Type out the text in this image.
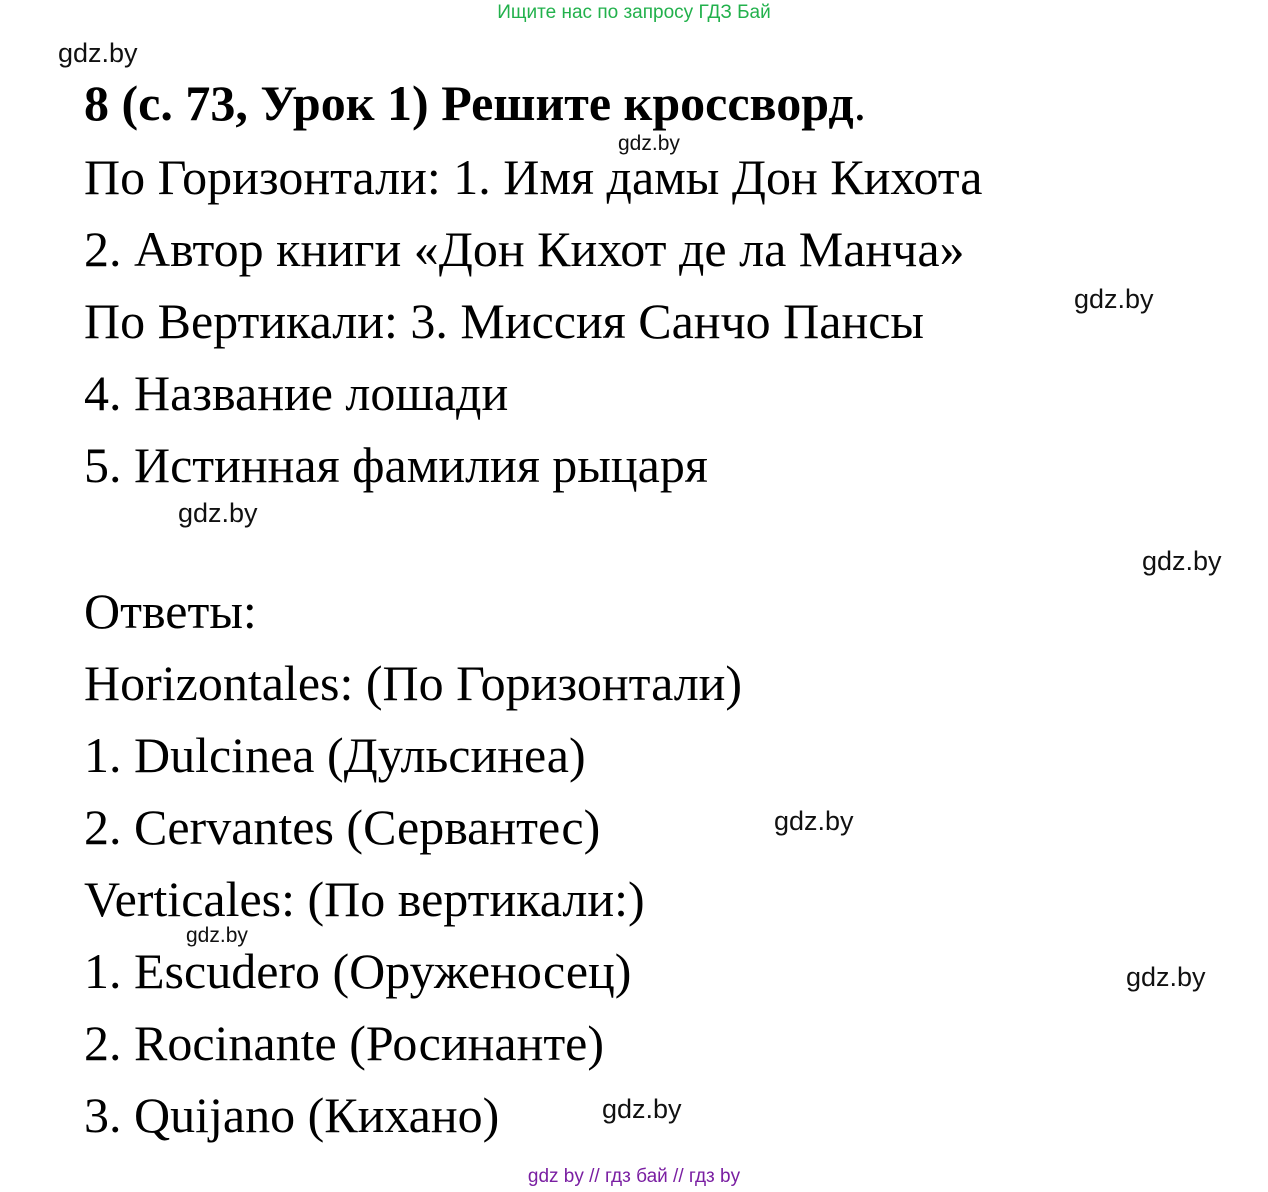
Ищите нас по запросу ГДЗ Бай
gdz.by
gdz.by
gdz.by
gdz.by
gdz.by
gdz.by
gdz.by
gdz.by
gdz.by
8 (с. 73, Урок 1) Решите кроссворд.
По Горизонтали: 1. Имя дамы Дон Кихота
2. Автор книги «Дон Кихот де ла Манча»
По Вертикали: 3. Миссия Санчо Пансы
4. Название лошади
5. Истинная фамилия рыцаря
Ответы:
Horizontales: (По Горизонтали)
1. Dulcinea (Дульсинеа)
2. Cervantes (Сервантес)
Verticales: (По вертикали:)
1. Escudero (Оруженосец)
2. Rocinante (Росинанте)
3. Quijano (Кихано)
gdz by // гдз бай // гдз by
